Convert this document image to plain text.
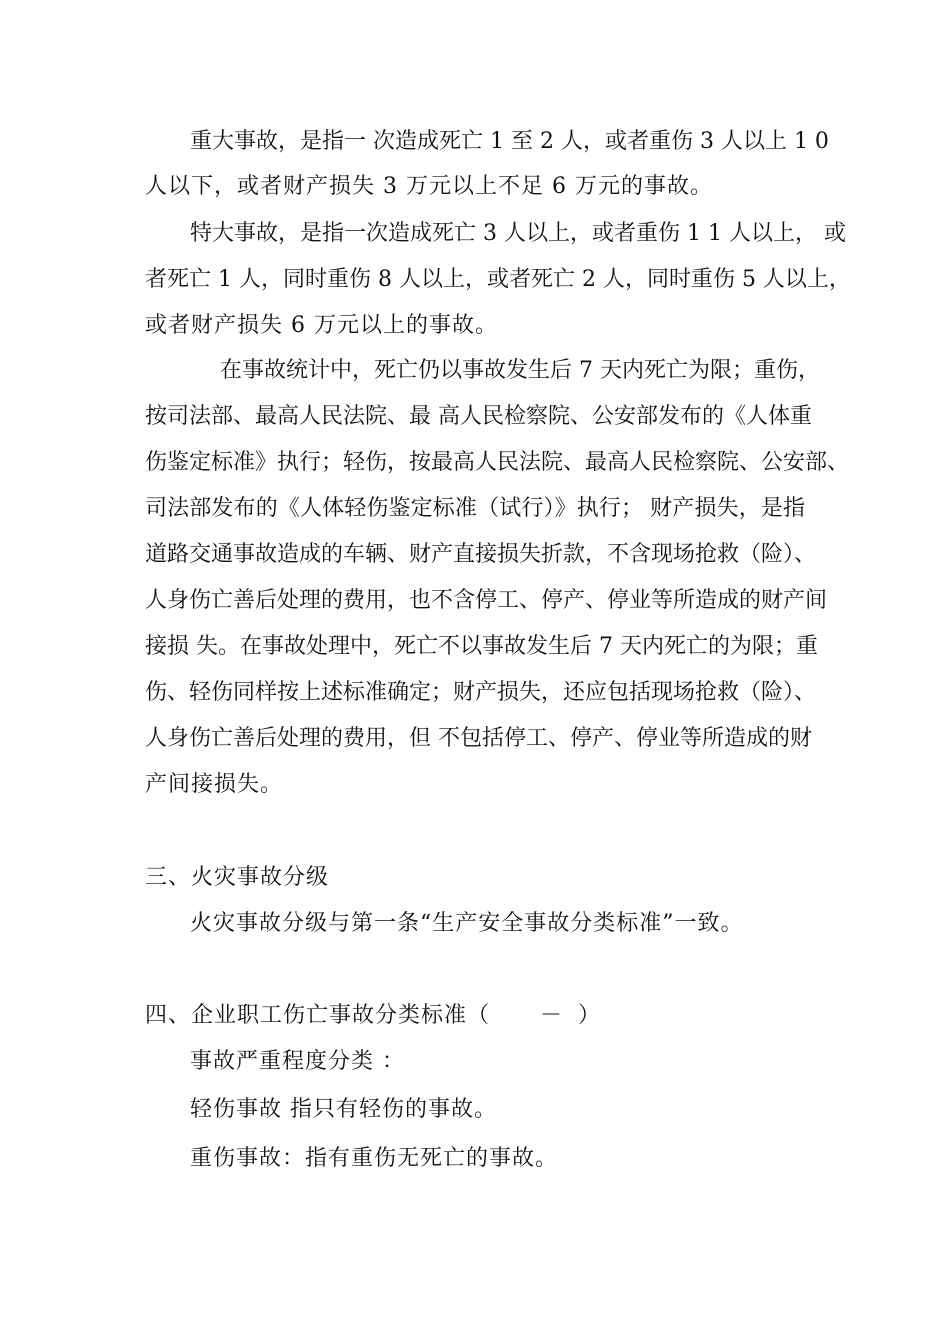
重大事故，是指一 次造成死亡 1 至 2 人，或者重伤 3 人以上 1 0
人以下，或者财产损失 3 万元以上不足 6 万元的事故。
特大事故，是指一次造成死亡 3 人以上，或者重伤 1 1 人以上， 或
者死亡 1 人，同时重伤 8 人以上，或者死亡 2 人，同时重伤 5 人以上，
或者财产损失 6 万元以上的事故。
在事故统计中，死亡仍以事故发生后 7 天内死亡为限；重伤，
按司法部、最高人民法院、最 高人民检察院、公安部发布的《人体重
伤鉴定标准》执行；轻伤，按最高人民法院、最高人民检察院、公安部、
司法部发布的《人体轻伤鉴定标准（试行）》执行； 财产损失，是指
道路交通事故造成的车辆、财产直接损失折款，不含现场抢救（险）、
人身伤亡善后处理的费用，也不含停工、停产、停业等所造成的财产间
接损 失。在事故处理中，死亡不以事故发生后 7 天内死亡的为限；重
伤、轻伤同样按上述标准确定；财产损失，还应包括现场抢救（险）、
人身伤亡善后处理的费用，但 不包括停工、停产、停业等所造成的财
产间接损失。
三、火灾事故分级
火灾事故分级与第一条“生产安全事故分类标准”一致。
四、企业职工伤亡事故分类标准（ － ）
事故严重程度分类 ：
轻伤事故 指只有轻伤的事故。
重伤事故：指有重伤无死亡的事故。
